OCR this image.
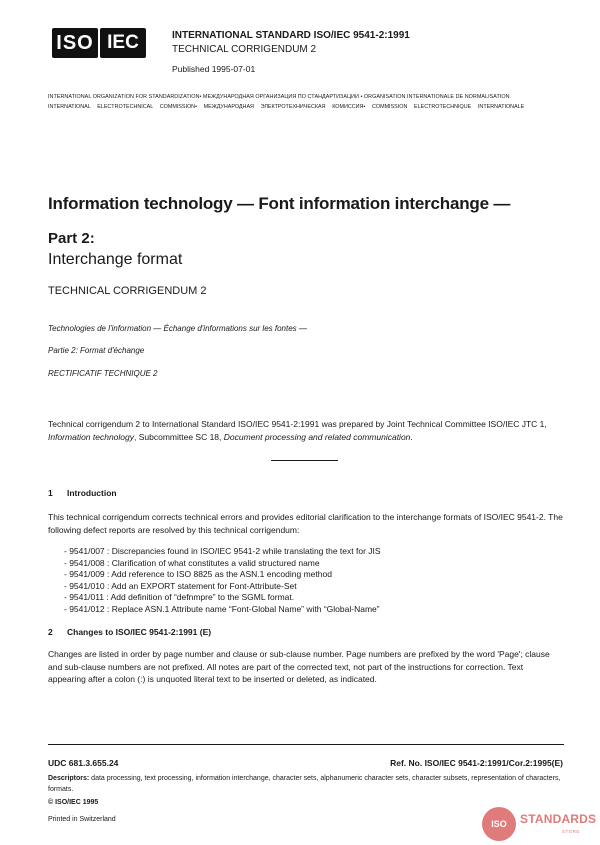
ISO IEC	INTERNATIONAL STANDARD ISO/IEC 9541-2:1991
TECHNICAL CORRIGENDUM 2
Published 1995-07-01
INTERNATIONAL ORGANIZATION FOR STANDARDIZATION• МЕЖДУНАРОДНАЯ ОРГАНИЗАЦИЯ ПО СТАНДАРТИЗАЦИИ • ORGANISATION INTERNATIONALE DE NORMALISATION
INTERNATIONAL ELECTROTECHNICAL COMMISSION• МЕЖДУНАРОДНАЯ ЭЛЕКТРОТЕХНИЧЕСКАЯ КОМИССИЯ• COMMISSION ELECTROTECHNIQUE INTERNATIONALE
Information technology — Font information interchange —
Part 2:
Interchange format
TECHNICAL CORRIGENDUM 2
Technologies de l'information — Échange d'informations sur les fontes —
Partie 2: Format d'échange
RECTIFICATIF TECHNIQUE 2
Technical corrigendum 2 to International Standard ISO/IEC 9541-2:1991 was prepared by Joint Technical Committee ISO/IEC JTC 1, Information technology, Subcommittee SC 18, Document processing and related communication.
1 Introduction
This technical corrigendum corrects technical errors and provides editorial clarification to the interchange formats of ISO/IEC 9541-2. The following defect reports are resolved by this technical corrigendum:
- 9541/007 : Discrepancies found in ISO/IEC 9541-2 while translating the text for JIS
- 9541/008 : Clarification of what constitutes a valid structured name
- 9541/009 : Add reference to ISO 8825 as the ASN.1 encoding method
- 9541/010 : Add an EXPORT statement for Font-Attribute-Set
- 9541/011 : Add definition of “defnmpre” to the SGML format.
- 9541/012 : Replace ASN.1 Attribute name “Font-Global Name” with “Global-Name”
2 Changes to ISO/IEC 9541-2:1991 (E)
Changes are listed in order by page number and clause or sub-clause number. Page numbers are prefixed by the word 'Page'; clause and sub-clause numbers are not prefixed. All notes are part of the corrected text, not part of the instructions for correction. Text appearing after a colon (:) is unquoted literal text to be inserted or deleted, as indicated.
UDC 681.3.655.24	Ref. No. ISO/IEC 9541-2:1991/Cor.2:1995(E)
Descriptors: data processing, text processing, information interchange, character sets, alphanumeric character sets, character subsets, representation of characters, formats.
© ISO/IEC 1995
Printed in Switzerland	ISO	STANDARDS
STORE
